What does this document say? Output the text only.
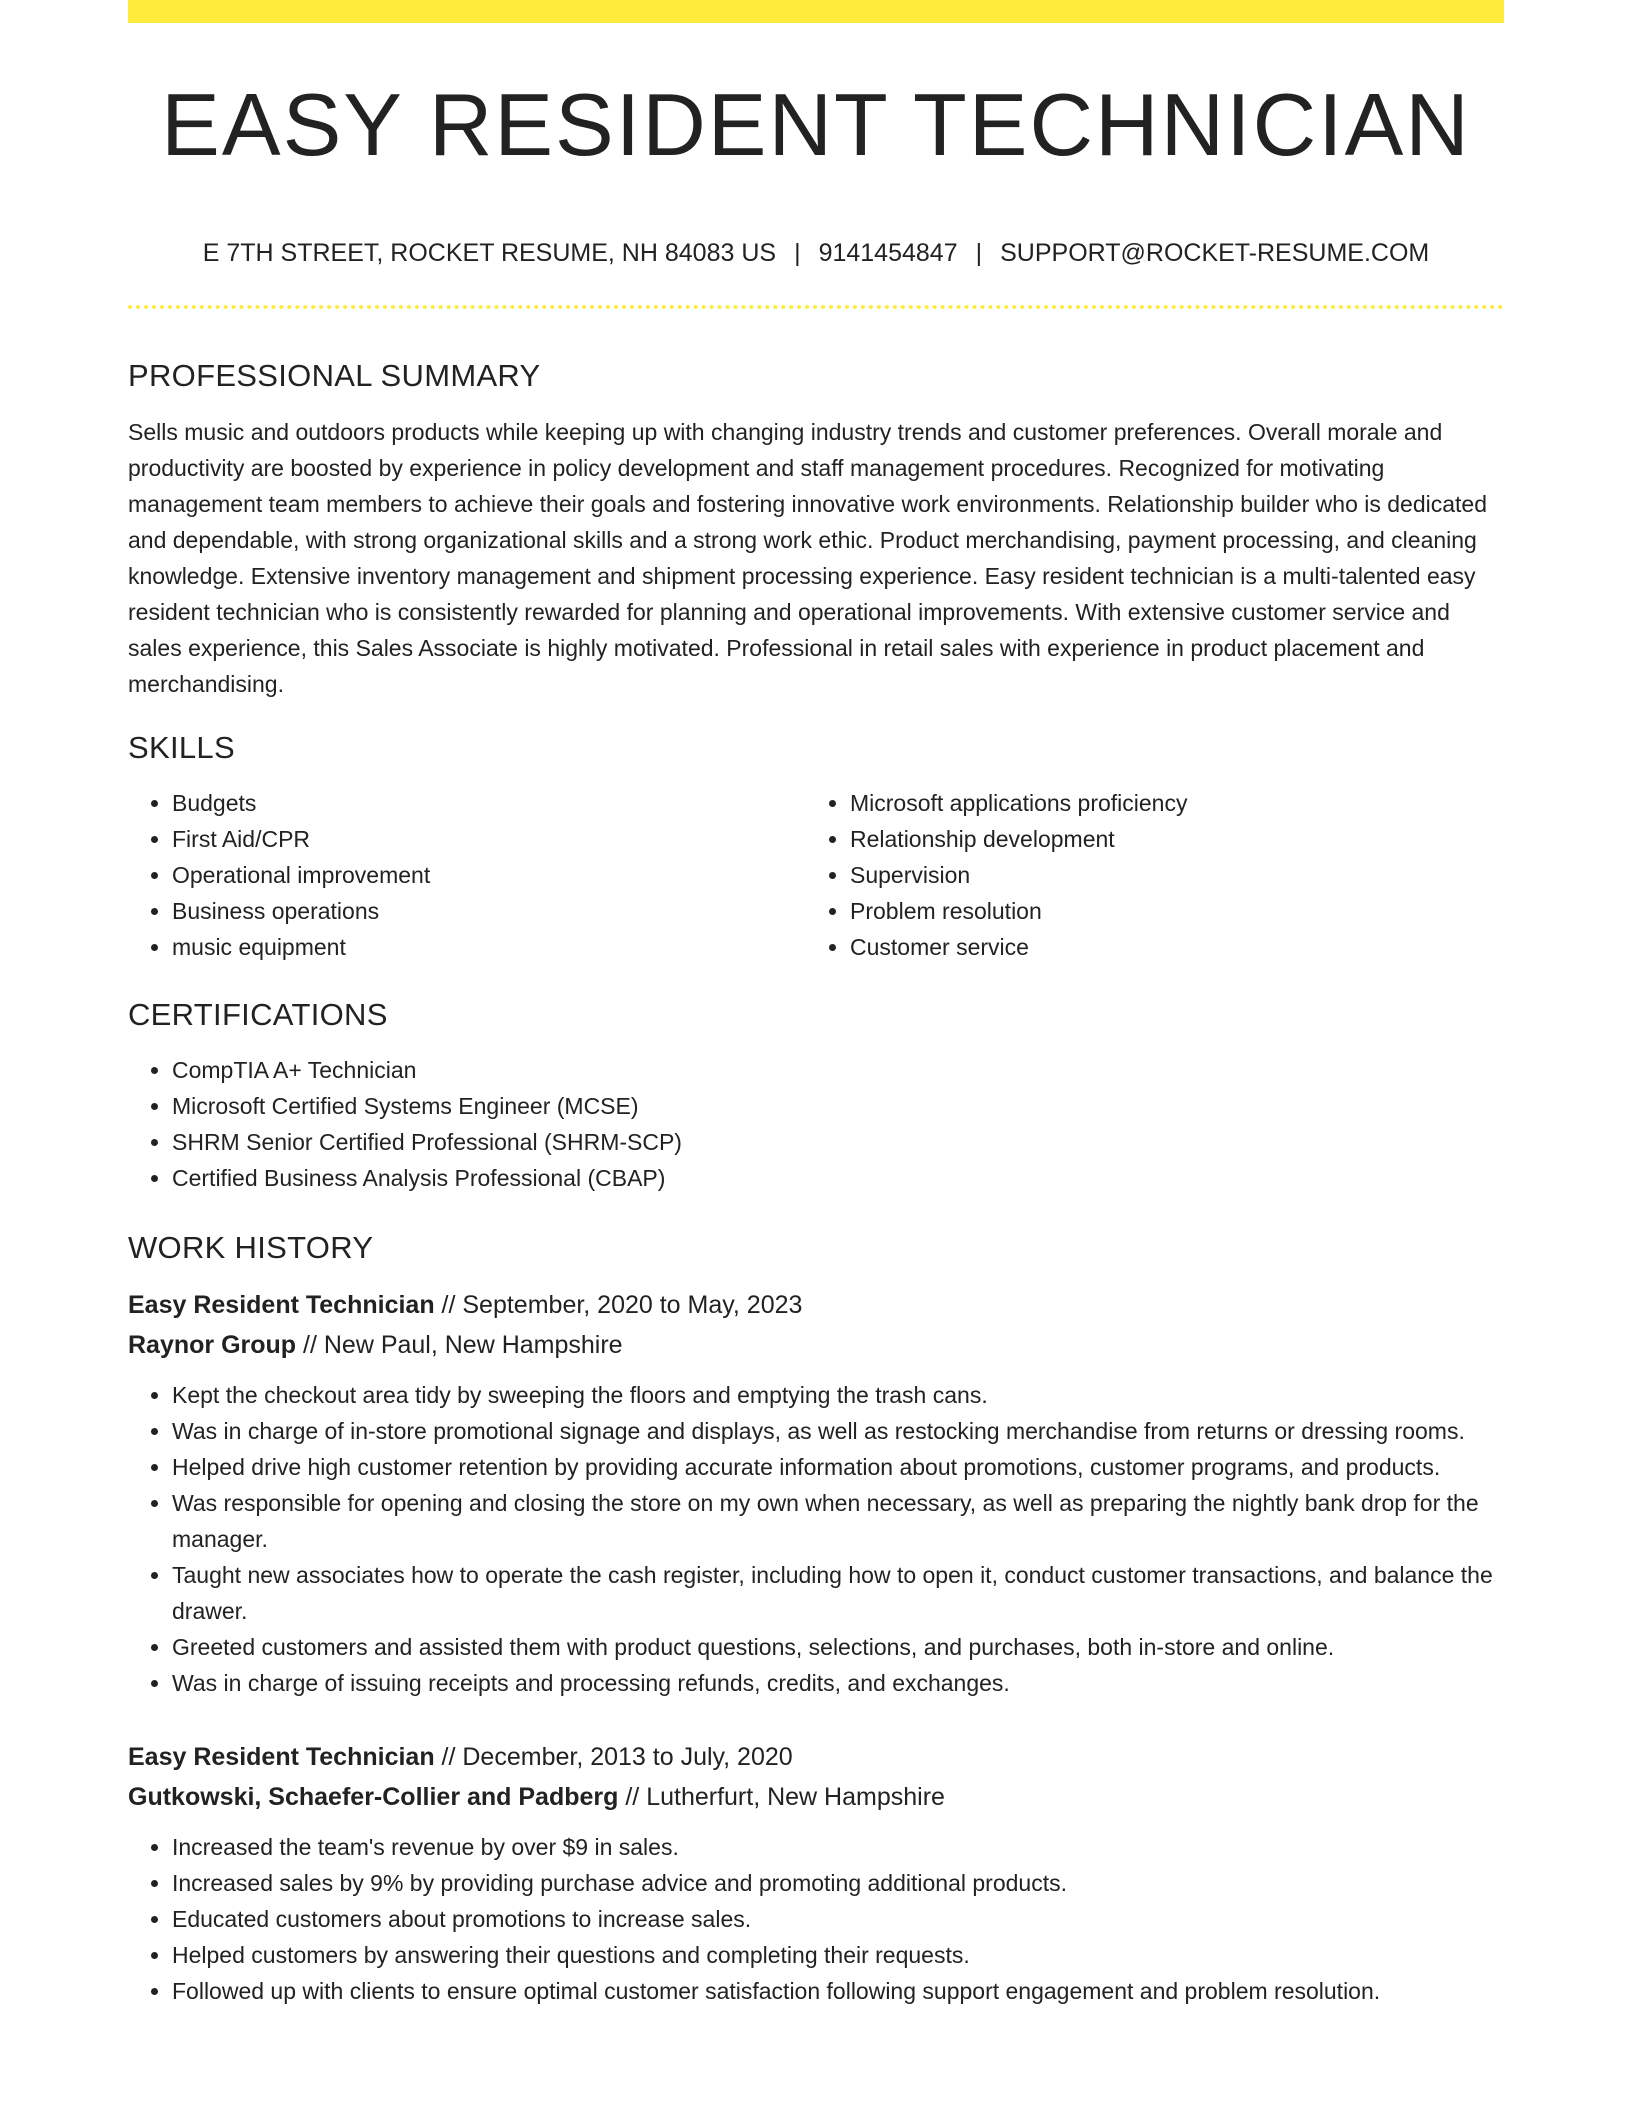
EASY RESIDENT TECHNICIAN
E 7TH STREET, ROCKET RESUME, NH 84083 US | 9141454847 | SUPPORT@ROCKET-RESUME.COM
PROFESSIONAL SUMMARY
Sells music and outdoors products while keeping up with changing industry trends and customer preferences. Overall morale and productivity are boosted by experience in policy development and staff management procedures. Recognized for motivating management team members to achieve their goals and fostering innovative work environments. Relationship builder who is dedicated and dependable, with strong organizational skills and a strong work ethic. Product merchandising, payment processing, and cleaning knowledge. Extensive inventory management and shipment processing experience. Easy resident technician is a multi-talented easy resident technician who is consistently rewarded for planning and operational improvements. With extensive customer service and sales experience, this Sales Associate is highly motivated. Professional in retail sales with experience in product placement and merchandising.
SKILLS
• Budgets
• First Aid/CPR
• Operational improvement
• Business operations
• music equipment
• Microsoft applications proficiency
• Relationship development
• Supervision
• Problem resolution
• Customer service
CERTIFICATIONS
• CompTIA A+ Technician
• Microsoft Certified Systems Engineer (MCSE)
• SHRM Senior Certified Professional (SHRM-SCP)
• Certified Business Analysis Professional (CBAP)
WORK HISTORY
Easy Resident Technician // September, 2020 to May, 2023
Raynor Group // New Paul, New Hampshire
• Kept the checkout area tidy by sweeping the floors and emptying the trash cans.
• Was in charge of in-store promotional signage and displays, as well as restocking merchandise from returns or dressing rooms.
• Helped drive high customer retention by providing accurate information about promotions, customer programs, and products.
• Was responsible for opening and closing the store on my own when necessary, as well as preparing the nightly bank drop for the manager.
• Taught new associates how to operate the cash register, including how to open it, conduct customer transactions, and balance the drawer.
• Greeted customers and assisted them with product questions, selections, and purchases, both in-store and online.
• Was in charge of issuing receipts and processing refunds, credits, and exchanges.
Easy Resident Technician // December, 2013 to July, 2020
Gutkowski, Schaefer-Collier and Padberg // Lutherfurt, New Hampshire
• Increased the team's revenue by over $9 in sales.
• Increased sales by 9% by providing purchase advice and promoting additional products.
• Educated customers about promotions to increase sales.
• Helped customers by answering their questions and completing their requests.
• Followed up with clients to ensure optimal customer satisfaction following support engagement and problem resolution.
